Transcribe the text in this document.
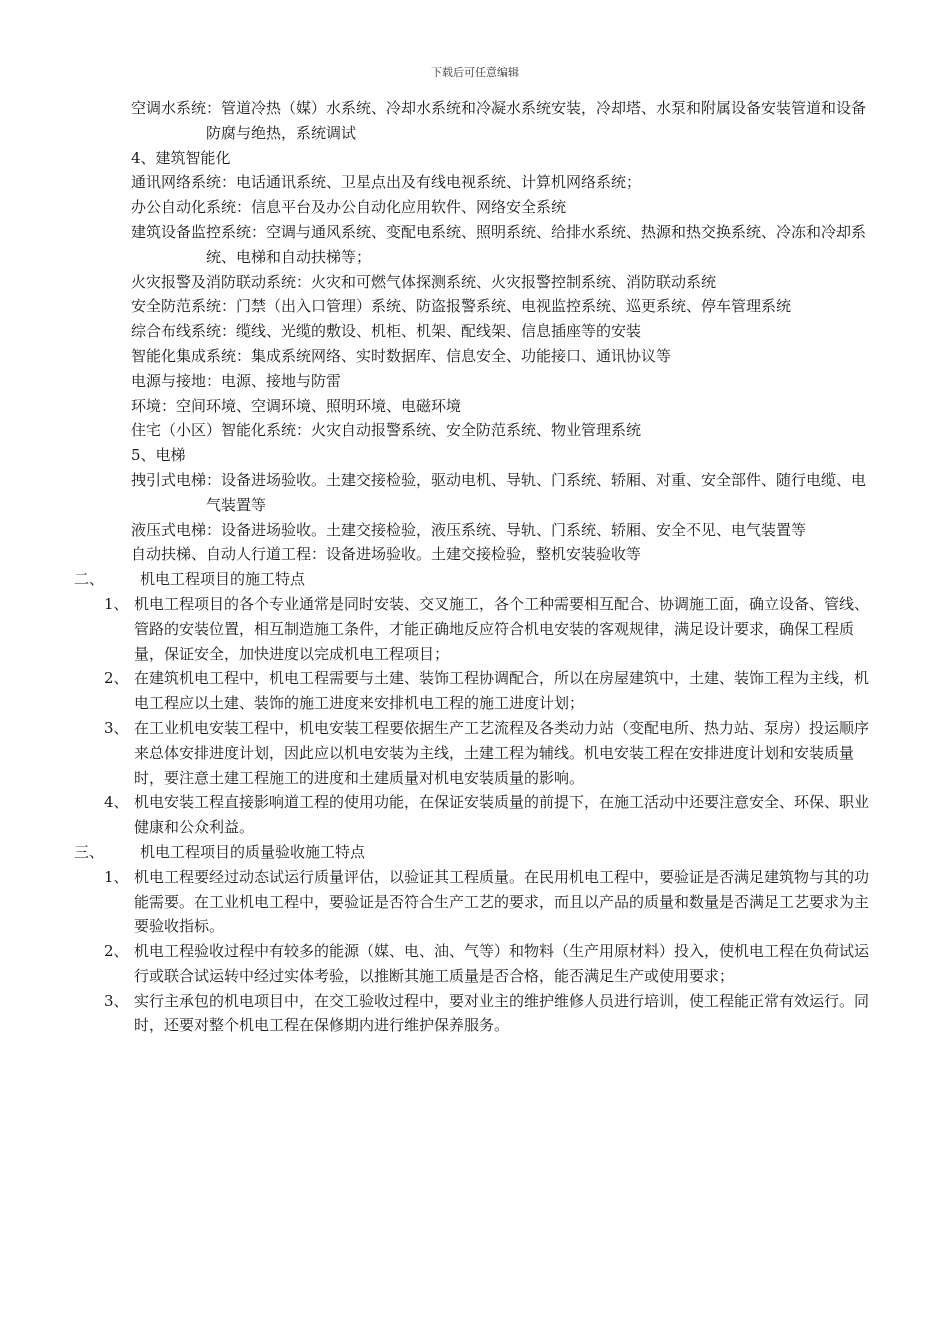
下载后可任意编辑

空调水系统：管道冷热（媒）水系统、冷却水系统和冷凝水系统安装，冷却塔、水泵和附属设备安装管道和设备防腐与绝热，系统调试

4、建筑智能化

通讯网络系统：电话通讯系统、卫星点出及有线电视系统、计算机网络系统；

办公自动化系统：信息平台及办公自动化应用软件、网络安全系统

建筑设备监控系统：空调与通风系统、变配电系统、照明系统、给排水系统、热源和热交换系统、冷冻和冷却系统、电梯和自动扶梯等；

火灾报警及消防联动系统：火灾和可燃气体探测系统、火灾报警控制系统、消防联动系统

安全防范系统：门禁（出入口管理）系统、防盗报警系统、电视监控系统、巡更系统、停车管理系统

综合布线系统：缆线、光缆的敷设、机柜、机架、配线架、信息插座等的安装

智能化集成系统：集成系统网络、实时数据库、信息安全、功能接口、通讯协议等

电源与接地：电源、接地与防雷

环境：空间环境、空调环境、照明环境、电磁环境

住宅（小区）智能化系统：火灾自动报警系统、安全防范系统、物业管理系统

5、电梯

拽引式电梯：设备进场验收。土建交接检验，驱动电机、导轨、门系统、轿厢、对重、安全部件、随行电缆、电气装置等

液压式电梯：设备进场验收。土建交接检验，液压系统、导轨、门系统、轿厢、安全不见、电气装置等

自动扶梯、自动人行道工程：设备进场验收。土建交接检验，整机安装验收等

二、 机电工程项目的施工特点
1、 机电工程项目的各个专业通常是同时安装、交叉施工，各个工种需要相互配合、协调施工面，确立设备、管线、管路的安装位置，相互制造施工条件，才能正确地反应符合机电安装的客观规律，满足设计要求，确保工程质量，保证安全，加快进度以完成机电工程项目；
2、 在建筑机电工程中，机电工程需要与土建、装饰工程协调配合，所以在房屋建筑中，土建、装饰工程为主线，机电工程应以土建、装饰的施工进度来安排机电工程的施工进度计划；
3、 在工业机电安装工程中，机电安装工程要依据生产工艺流程及各类动力站（变配电所、热力站、泵房）投运顺序来总体安排进度计划，因此应以机电安装为主线，土建工程为辅线。机电安装工程在安排进度计划和安装质量时，要注意土建工程施工的进度和土建质量对机电安装质量的影响。
4、 机电安装工程直接影响道工程的使用功能，在保证安装质量的前提下，在施工活动中还要注意安全、环保、职业健康和公众利益。
三、 机电工程项目的质量验收施工特点
1、 机电工程要经过动态试运行质量评估，以验证其工程质量。在民用机电工程中，要验证是否满足建筑物与其的功能需要。在工业机电工程中，要验证是否符合生产工艺的要求，而且以产品的质量和数量是否满足工艺要求为主要验收指标。
2、 机电工程验收过程中有较多的能源（媒、电、油、气等）和物料（生产用原材料）投入，使机电工程在负荷试运行或联合试运转中经过实体考验，以推断其施工质量是否合格，能否满足生产或使用要求；
3、 实行主承包的机电项目中，在交工验收过程中，要对业主的维护维修人员进行培训，使工程能正常有效运行。同时，还要对整个机电工程在保修期内进行维护保养服务。
